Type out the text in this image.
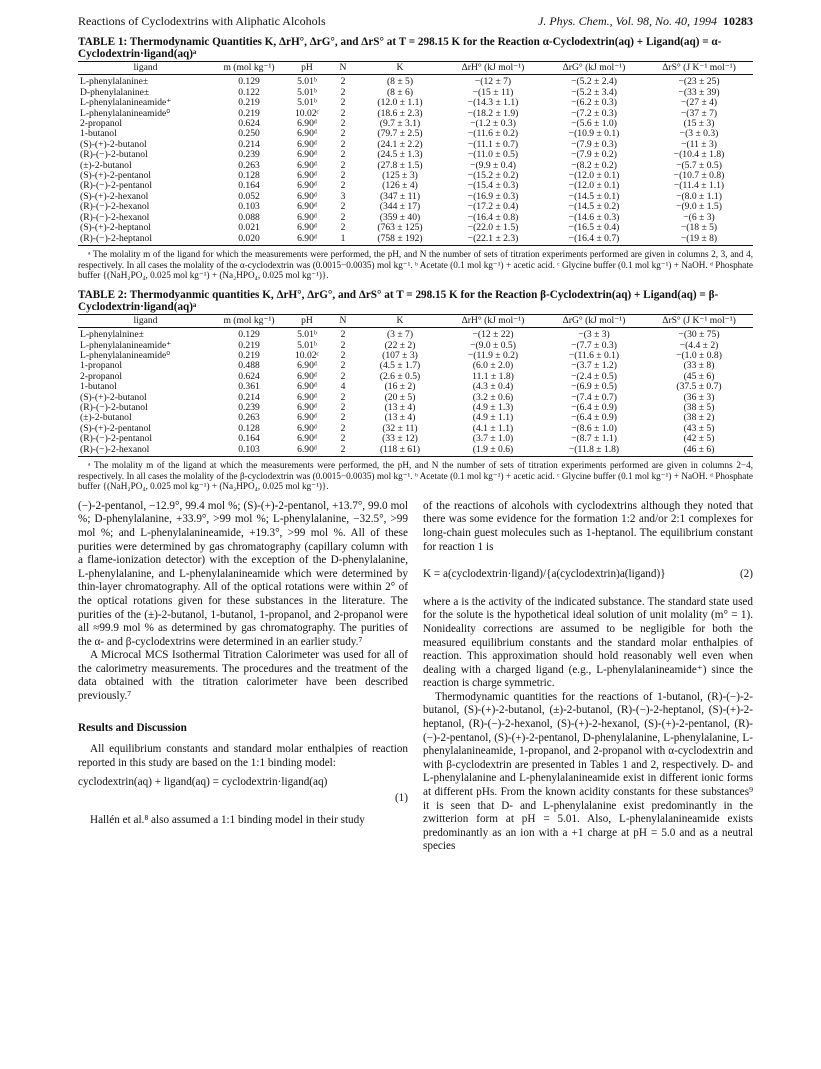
Reactions of Cyclodextrins with Aliphatic Alcohols	J. Phys. Chem., Vol. 98, No. 40, 1994 10283
TABLE 1: Thermodynamic Quantities K, ΔrH°, ΔrG°, and ΔrS° at T = 298.15 K for the Reaction α-Cyclodextrin(aq) + Ligand(aq) = α-Cyclodextrin·ligand(aq)ᵃ
ligand	m (mol kg⁻¹)	pH	N	K	ΔrH° (kJ mol⁻¹)	ΔrG° (kJ mol⁻¹)	ΔrS° (J K⁻¹ mol⁻¹)
L-phenylalanine±	0.129	5.01ᵇ	2	(8 ± 5)	−(12 ± 7)	−(5.2 ± 2.4)	−(23 ± 25)
D-phenylalanine±	0.122	5.01ᵇ	2	(8 ± 6)	−(15 ± 11)	−(5.2 ± 3.4)	−(33 ± 39)
L-phenylalanineamide⁺	0.219	5.01ᵇ	2	(12.0 ± 1.1)	−(14.3 ± 1.1)	−(6.2 ± 0.3)	−(27 ± 4)
L-phenylalanineamide⁰	0.219	10.02ᶜ	2	(18.6 ± 2.3)	−(18.2 ± 1.9)	−(7.2 ± 0.3)	−(37 ± 7)
2-propanol	0.624	6.90ᵈ	2	(9.7 ± 3.1)	−(1.2 ± 0.3)	−(5.6 ± 1.0)	(15 ± 3)
1-butanol	0.250	6.90ᵈ	2	(79.7 ± 2.5)	−(11.6 ± 0.2)	−(10.9 ± 0.1)	−(3 ± 0.3)
(S)-(+)-2-butanol	0.214	6.90ᵈ	2	(24.1 ± 2.2)	−(11.1 ± 0.7)	−(7.9 ± 0.3)	−(11 ± 3)
(R)-(−)-2-butanol	0.239	6.90ᵈ	2	(24.5 ± 1.3)	−(11.0 ± 0.5)	−(7.9 ± 0.2)	−(10.4 ± 1.8)
(±)-2-butanol	0.263	6.90ᵈ	2	(27.8 ± 1.5)	−(9.9 ± 0.4)	−(8.2 ± 0.2)	−(5.7 ± 0.5)
(S)-(+)-2-pentanol	0.128	6.90ᵈ	2	(125 ± 3)	−(15.2 ± 0.2)	−(12.0 ± 0.1)	−(10.7 ± 0.8)
(R)-(−)-2-pentanol	0.164	6.90ᵈ	2	(126 ± 4)	−(15.4 ± 0.3)	−(12.0 ± 0.1)	−(11.4 ± 1.1)
(S)-(+)-2-hexanol	0.052	6.90ᵈ	3	(347 ± 11)	−(16.9 ± 0.3)	−(14.5 ± 0.1)	−(8.0 ± 1.1)
(R)-(−)-2-hexanol	0.103	6.90ᵈ	2	(344 ± 17)	−(17.2 ± 0.4)	−(14.5 ± 0.2)	−(9.0 ± 1.5)
(R)-(−)-2-hexanol	0.088	6.90ᵈ	2	(359 ± 40)	−(16.4 ± 0.8)	−(14.6 ± 0.3)	−(6 ± 3)
(S)-(+)-2-heptanol	0.021	6.90ᵈ	2	(763 ± 125)	−(22.0 ± 1.5)	−(16.5 ± 0.4)	−(18 ± 5)
(R)-(−)-2-heptanol	0.020	6.90ᵈ	1	(758 ± 192)	−(22.1 ± 2.3)	−(16.4 ± 0.7)	−(19 ± 8)
ᵃ The molality m of the ligand for which the measurements were performed, the pH, and N the number of sets of titration experiments performed are given in columns 2, 3, and 4, respectively. In all cases the molality of the α-cyclodextrin was (0.0015−0.0035) mol kg⁻¹. ᵇ Acetate (0.1 mol kg⁻¹) + acetic acid. ᶜ Glycine buffer (0.1 mol kg⁻¹) + NaOH. ᵈ Phosphate buffer {(NaH₂PO₄, 0.025 mol kg⁻¹) + (Na₂HPO₄, 0.025 mol kg⁻¹)}.
TABLE 2: Thermodyanmic quantities K, ΔrH°, ΔrG°, and ΔrS° at T = 298.15 K for the Reaction β-Cyclodextrin(aq) + Ligand(aq) = β-Cyclodextrin·ligand(aq)ᵃ
ligand	m (mol kg⁻¹)	pH	N	K	ΔrH° (kJ mol⁻¹)	ΔrG° (kJ mol⁻¹)	ΔrS° (J K⁻¹ mol⁻¹)
L-phenylalnine±	0.129	5.01ᵇ	2	(3 ± 7)	−(12 ± 22)	−(3 ± 3)	−(30 ± 75)
L-phenylalanineamide⁺	0.219	5.01ᵇ	2	(22 ± 2)	−(9.0 ± 0.5)	−(7.7 ± 0.3)	−(4.4 ± 2)
L-phenylalanineamide⁰	0.219	10.02ᶜ	2	(107 ± 3)	−(11.9 ± 0.2)	−(11.6 ± 0.1)	−(1.0 ± 0.8)
1-propanol	0.488	6.90ᵈ	2	(4.5 ± 1.7)	(6.0 ± 2.0)	−(3.7 ± 1.2)	(33 ± 8)
2-propanol	0.624	6.90ᵈ	2	(2.6 ± 0.5)	11.1 ± 1.8)	−(2.4 ± 0.5)	(45 ± 6)
1-butanol	0.361	6.90ᵈ	4	(16 ± 2)	(4.3 ± 0.4)	−(6.9 ± 0.5)	(37.5 ± 0.7)
(S)-(+)-2-butanol	0.214	6.90ᵈ	2	(20 ± 5)	(3.2 ± 0.6)	−(7.4 ± 0.7)	(36 ± 3)
(R)-(−)-2-butanol	0.239	6.90ᵈ	2	(13 ± 4)	(4.9 ± 1.3)	−(6.4 ± 0.9)	(38 ± 5)
(±)-2-butanol	0.263	6.90ᵈ	2	(13 ± 4)	(4.9 ± 1.1)	−(6.4 ± 0.9)	(38 ± 2)
(S)-(+)-2-pentanol	0.128	6.90ᵈ	2	(32 ± 11)	(4.1 ± 1.1)	−(8.6 ± 1.0)	(43 ± 5)
(R)-(−)-2-pentanol	0.164	6.90ᵈ	2	(33 ± 12)	(3.7 ± 1.0)	−(8.7 ± 1.1)	(42 ± 5)
(R)-(−)-2-hexanol	0.103	6.90ᵈ	2	(118 ± 61)	(1.9 ± 0.6)	−(11.8 ± 1.8)	(46 ± 6)
ᵃ The molality m of the ligand at which the measurements were performed, the pH, and N the number of sets of titration experiments performed are given in columns 2−4, respectively. In all cases the molality of the β-cyclodextrin was (0.0015−0.0035) mol kg⁻¹. ᵇ Acetate (0.1 mol kg⁻¹) + acetic acid. ᶜ Glycine buffer (0.1 mol kg⁻¹) + NaOH. ᵈ Phosphate buffer {(NaH₂PO₄, 0.025 mol kg⁻¹) + (Na₂HPO₄, 0.025 mol kg⁻¹)}.

(−)-2-pentanol, −12.9°, 99.4 mol %; (S)-(+)-2-pentanol, +13.7°, 99.0 mol %; D-phenylalanine, +33.9°, >99 mol %; L-phenylalanine, −32.5°, >99 mol %; and L-phenylalanineamide, +19.3°, >99 mol %. All of these purities were determined by gas chromatography (capillary column with a flame-ionization detector) with the exception of the D-phenylalanine, L-phenylalanine, and L-phenylalanineamide which were determined by thin-layer chromatography. All of the optical rotations were within 2° of the optical rotations given for these substances in the literature. The purities of the (±)-2-butanol, 1-butanol, 1-propanol, and 2-propanol were all ≈99.9 mol % as determined by gas chromatography. The purities of the α- and β-cyclodextrins were determined in an earlier study.⁷

A Microcal MCS Isothermal Titration Calorimeter was used for all of the calorimetry measurements. The procedures and the treatment of the data obtained with the titration calorimeter have been described previously.⁷

Results and Discussion

All equilibrium constants and standard molar enthalpies of reaction reported in this study are based on the 1:1 binding model:

cyclodextrin(aq) + ligand(aq) = cyclodextrin·ligand(aq)
(1)

Hallén et al.⁸ also assumed a 1:1 binding model in their study

of the reactions of alcohols with cyclodextrins although they noted that there was some evidence for the formation 1:2 and/or 2:1 complexes for long-chain guest molecules such as 1-heptanol. The equilibrium constant for reaction 1 is

K = a(cyclodextrin·ligand)/{a(cyclodextrin)a(ligand)}	(2)

where a is the activity of the indicated substance. The standard state used for the solute is the hypothetical ideal solution of unit molality (m° = 1). Nonideality corrections are assumed to be negligible for both the measured equilibrium constants and the standard molar enthalpies of reaction. This approximation should hold reasonably well even when dealing with a charged ligand (e.g., L-phenylalanineamide⁺) since the reaction is charge symmetric.

Thermodynamic quantities for the reactions of 1-butanol, (R)-(−)-2-butanol, (S)-(+)-2-butanol, (±)-2-butanol, (R)-(−)-2-heptanol, (S)-(+)-2-heptanol, (R)-(−)-2-hexanol, (S)-(+)-2-hexanol, (S)-(+)-2-pentanol, (R)-(−)-2-pentanol, (S)-(+)-2-pentanol, D-phenylalanine, L-phenylalanine, L-phenylalanineamide, 1-propanol, and 2-propanol with α-cyclodextrin and with β-cyclodextrin are presented in Tables 1 and 2, respectively. D- and L-phenylalanine and L-phenylalanineamide exist in different ionic forms at different pHs. From the known acidity constants for these substances⁹ it is seen that D- and L-phenylalanine exist predominantly in the zwitterion form at pH = 5.01. Also, L-phenylalanineamide exists predominantly as an ion with a +1 charge at pH = 5.0 and as a neutral species
